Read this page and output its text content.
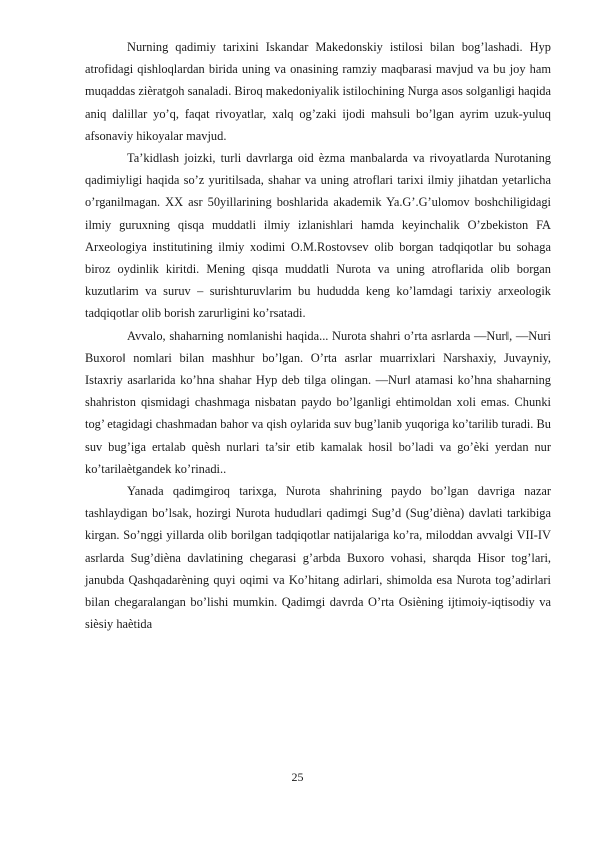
Nurning qadimiy tarixini Iskandar Makedonskiy istilosi bilan bog’lashadi. Hyp atrofidagi qishloqlardan birida uning va onasining ramziy maqbarasi mavjud va bu joy ham muqaddas ziѐratgoh sanaladi. Biroq makedoniyalik istilochining Nurga asos solganligi haqida aniq dalillar yo’q, faqat rivoyatlar, xalq og’zaki ijodi mahsuli bo’lgan ayrim uzuk-yuluq afsonaviy hikoyalar mavjud.

Ta’kidlash joizki, turli davrlarga oid ѐzma manbalarda va rivoyatlarda Nurotaning qadimiyligi haqida so’z yuritilsada, shahar va uning atroflari tarixi ilmiy jihatdan yetarlicha o’rganilmagan. XX asr 50yillarining boshlarida akademik Ya.G’.G’ulomov boshchiligidagi ilmiy guruxning qisqa muddatli ilmiy izlanishlari hamda keyinchalik O’zbekiston FA Arxeologiya institutining ilmiy xodimi O.M.Rostovsev olib borgan tadqiqotlar bu sohaga biroz oydinlik kiritdi. Mening qisqa muddatli Nurota va uning atroflarida olib borgan kuzutlarim va suruv – surishturuvlarim bu hududda keng ko’lamdagi tarixiy arxeologik tadqiqotlar olib borish zarurligini ko’rsatadi.

Avvalo, shaharning nomlanishi haqida... Nurota shahri o’rta asrlarda ―Nur‖, ―Nuri Buxoro‖ nomlari bilan mashhur bo’lgan. O’rta asrlar muarrixlari Narshaxiy, Juvayniy, Istaxriy asarlarida ko’hna shahar Hyp deb tilga olingan. ―Nur‖ atamasi ko’hna shaharning shahriston qismidagi chashmaga nisbatan paydo bo’lganligi ehtimoldan xoli emas. Chunki tog’ etagidagi chashmadan bahor va qish oylarida suv bug’lanib yuqoriga ko’tarilib turadi. Bu suv bug’iga ertalab quѐsh nurlari ta’sir etib kamalak hosil bo’ladi va go’ѐki yerdan nur ko’tarilaѐtgandek ko’rinadi..

Yanada qadimgiroq tarixga, Nurota shahrining paydo bo’lgan davriga nazar tashlaydigan bo’lsak, hozirgi Nurota hududlari qadimgi Sug’d (Sug’diѐna) davlati tarkibiga kirgan. So’nggi yillarda olib borilgan tadqiqotlar natijalariga ko’ra, miloddan avvalgi VII-IV asrlarda Sug’diѐna davlatining chegarasi g’arbda Buxoro vohasi, sharqda Hisor tog’lari, janubda Qashqadarѐning quyi oqimi va Ko’hitang adirlari, shimolda esa Nurota tog’adirlari bilan chegaralangan bo’lishi mumkin. Qadimgi davrda O’rta Osiѐning ijtimoiy-iqtisodiy va siѐsiy haѐtida

25
